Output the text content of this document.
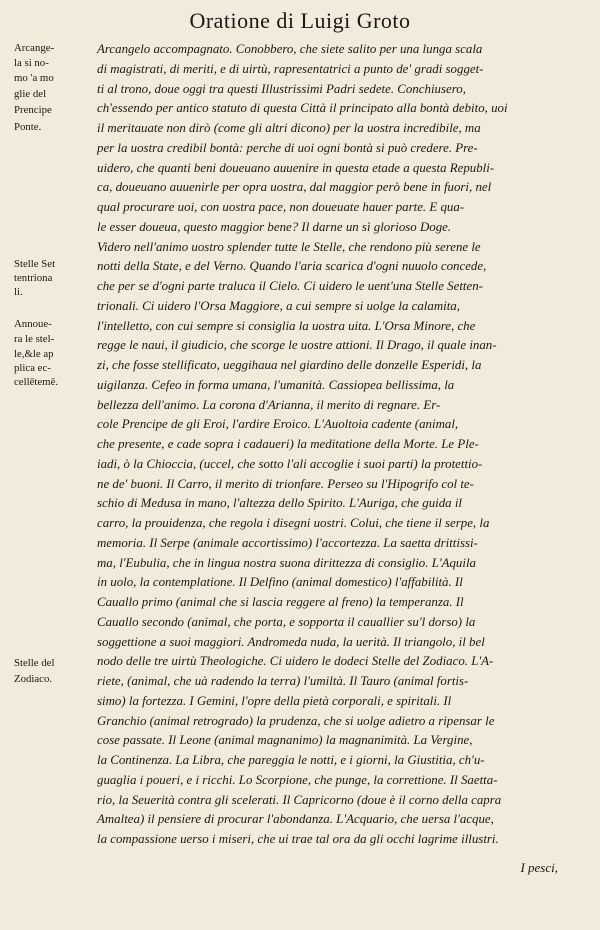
Oratione di Luigi Groto
Arcange-
la si no-
mo 'a mo
glie del
Prencipe
Ponte.
Stelle Set
tentriona
li.
Annoue-
ra le stel-
le,&le ap
plica ec-
cellētemē.
Stelle del
Zodiaco.
Arcangelo accompagnato. Conobbero, che siete salito per una lunga scala
di magistrati, di meriti, e di uirtù, rapresentatrici a punto de' gradi sogget-
ti al trono, doue oggi tra questi Illustrissimi Padri sedete. Conchiusero,
ch'essendo per antico statuto di questa Città il principato alla bontà debito, uoi
il meritauate non dirò (come gli altri dicono) per la uostra incredibile, ma
per la uostra credibil bontà: perche di uoi ogni bontà si può credere. Pre-
uidero, che quanti beni doueuano auuenire in questa etade a questa Republi-
ca, doueuano auuenirle per opra uostra, dal maggior però bene in fuori, nel
qual procurare uoi, con uostra pace, non doueuate hauer parte. E qua-
le esser doueua, questo maggior bene? Il darne un sì glorioso Doge.
Videro nell'animo uostro splender tutte le Stelle, che rendono più serene le
notti della State, e del Verno. Quando l'aria scarica d'ogni nuuolo concede,
che per se d'ogni parte traluca il Cielo. Ci uidero le uent'una Stelle Setten-
trionali. Ci uidero l'Orsa Maggiore, a cui sempre si uolge la calamita,
l'intelletto, con cui sempre si consiglia la uostra uita. L'Orsa Minore, che
regge le naui, il giudicio, che scorge le uostre attioni. Il Drago, il quale inan-
zi, che fosse stellificato, ueggihaua nel giardino delle donzelle Esperidi, la
uigilanza. Cefeo in forma umana, l'umanità. Cassiopea bellissima, la
bellezza dell'animo. La corona d'Arianna, il merito di regnare. Er-
cole Prencipe de gli Eroi, l'ardire Eroico. L'Auoltoia cadente (animal,
che presente, e cade sopra i cadaueri) la meditatione della Morte. Le Ple-
iadi, ò la Chioccia, (uccel, che sotto l'ali accoglie i suoi parti) la protettio-
ne de' buoni. Il Carro, il merito di trionfare. Perseo su l'Hipogrifo col te-
schio di Medusa in mano, l'altezza dello Spirito. L'Auriga, che guida il
carro, la prouidenza, che regola i disegni uostri. Colui, che tiene il serpe, la
memoria. Il Serpe (animale accortissimo) l'accortezza. La saetta drittissi-
ma, l'Eubulia, che in lingua nostra suona dirittezza di consiglio. L'Aquila
in uolo, la contemplatione. Il Delfino (animal domestico) l'affabilità. Il
Cauallo primo (animal che si lascia reggere al freno) la temperanza. Il
Cauallo secondo (animal, che porta, e sopporta il cauallier su'l dorso) la
soggettione a suoi maggiori. Andromeda nuda, la uerità. Il triangolo, il bel
nodo delle tre uirtù Theologiche. Ci uidero le dodeci Stelle del Zodiaco. L'A-
riete, (animal, che uà radendo la terra) l'umiltà. Il Tauro (animal fortis-
simo) la fortezza. I Gemini, l'opre della pietà corporali, e spiritali. Il
Granchio (animal retrogrado) la prudenza, che si uolge adietro a ripensar le
cose passate. Il Leone (animal magnanimo) la magnanimità. La Vergine,
la Continenza. La Libra, che pareggia le notti, e i giorni, la Giustitia, ch'u-
guaglia i poueri, e i ricchi. Lo Scorpione, che punge, la correttione. Il Saetta-
rio, la Seuerità contra gli scelerati. Il Capricorno (doue è il corno della capra
Amaltea) il pensiere di procurar l'abondanza. L'Acquario, che uersa l'acque,
la compassione uerso i miseri, che ui trae tal ora da gli occhi lagrime illustri.
I pesci,
